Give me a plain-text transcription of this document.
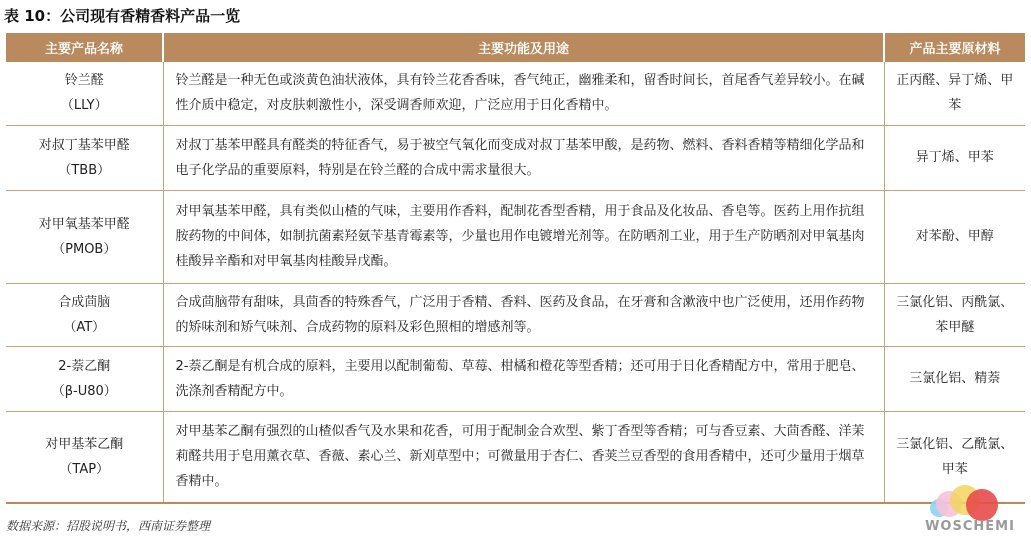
表 10：公司现有香精香料产品一览
主要产品名称	主要功能及用途	产品主要原材料

铃兰醛
（LLY）	铃兰醛是一种无色或淡黄色油状液体，具有铃兰花香香味，香气纯正，幽雅柔和，留香时间长，首尾香气差异较小。在碱性介质中稳定，对皮肤刺激性小，深受调香师欢迎，广泛应用于日化香精中。	正丙醛、异丁烯、甲苯

对叔丁基苯甲醛
（TBB）	对叔丁基苯甲醛具有醛类的特征香气，易于被空气氧化而变成对叔丁基苯甲酸，是药物、燃料、香料香精等精细化学品和电子化学品的重要原料，特别是在铃兰醛的合成中需求量很大。	异丁烯、甲苯

对甲氧基苯甲醛
（PMOB）	对甲氧基苯甲醛，具有类似山楂的气味，主要用作香料，配制花香型香精，用于食品及化妆品、香皂等。医药上用作抗组胺药物的中间体，如制抗菌素羟氨苄基青霉素等，少量也用作电镀增光剂等。在防晒剂工业，用于生产防晒剂对甲氧基肉桂酸异辛酯和对甲氧基肉桂酸异戊酯。	对苯酚、甲醇

合成茴脑
（AT）	合成茴脑带有甜味，具茴香的特殊香气，广泛用于香精、香料、医药及食品，在牙膏和含漱液中也广泛使用，还用作药物的矫味剂和矫气味剂、合成药物的原料及彩色照相的增感剂等。	三氯化铝、丙酰氯、苯甲醚

2-萘乙酮
（β-U80）	2-萘乙酮是有机合成的原料，主要用以配制葡萄、草莓、柑橘和橙花等型香精；还可用于日化香精配方中，常用于肥皂、洗涤剂香精配方中。	三氯化铝、精萘

对甲基苯乙酮
（TAP）	对甲基苯乙酮有强烈的山楂似香气及水果和花香，可用于配制金合欢型、紫丁香型等香精；可与香豆素、大茴香醛、洋茉莉醛共用于皂用薰衣草、香薇、素心兰、新刈草型中；可微量用于杏仁、香荚兰豆香型的食用香精中，还可少量用于烟草香精中。	三氯化铝、乙酰氯、甲苯
数据来源：招股说明书，西南证券整理	WOSCHEMI
